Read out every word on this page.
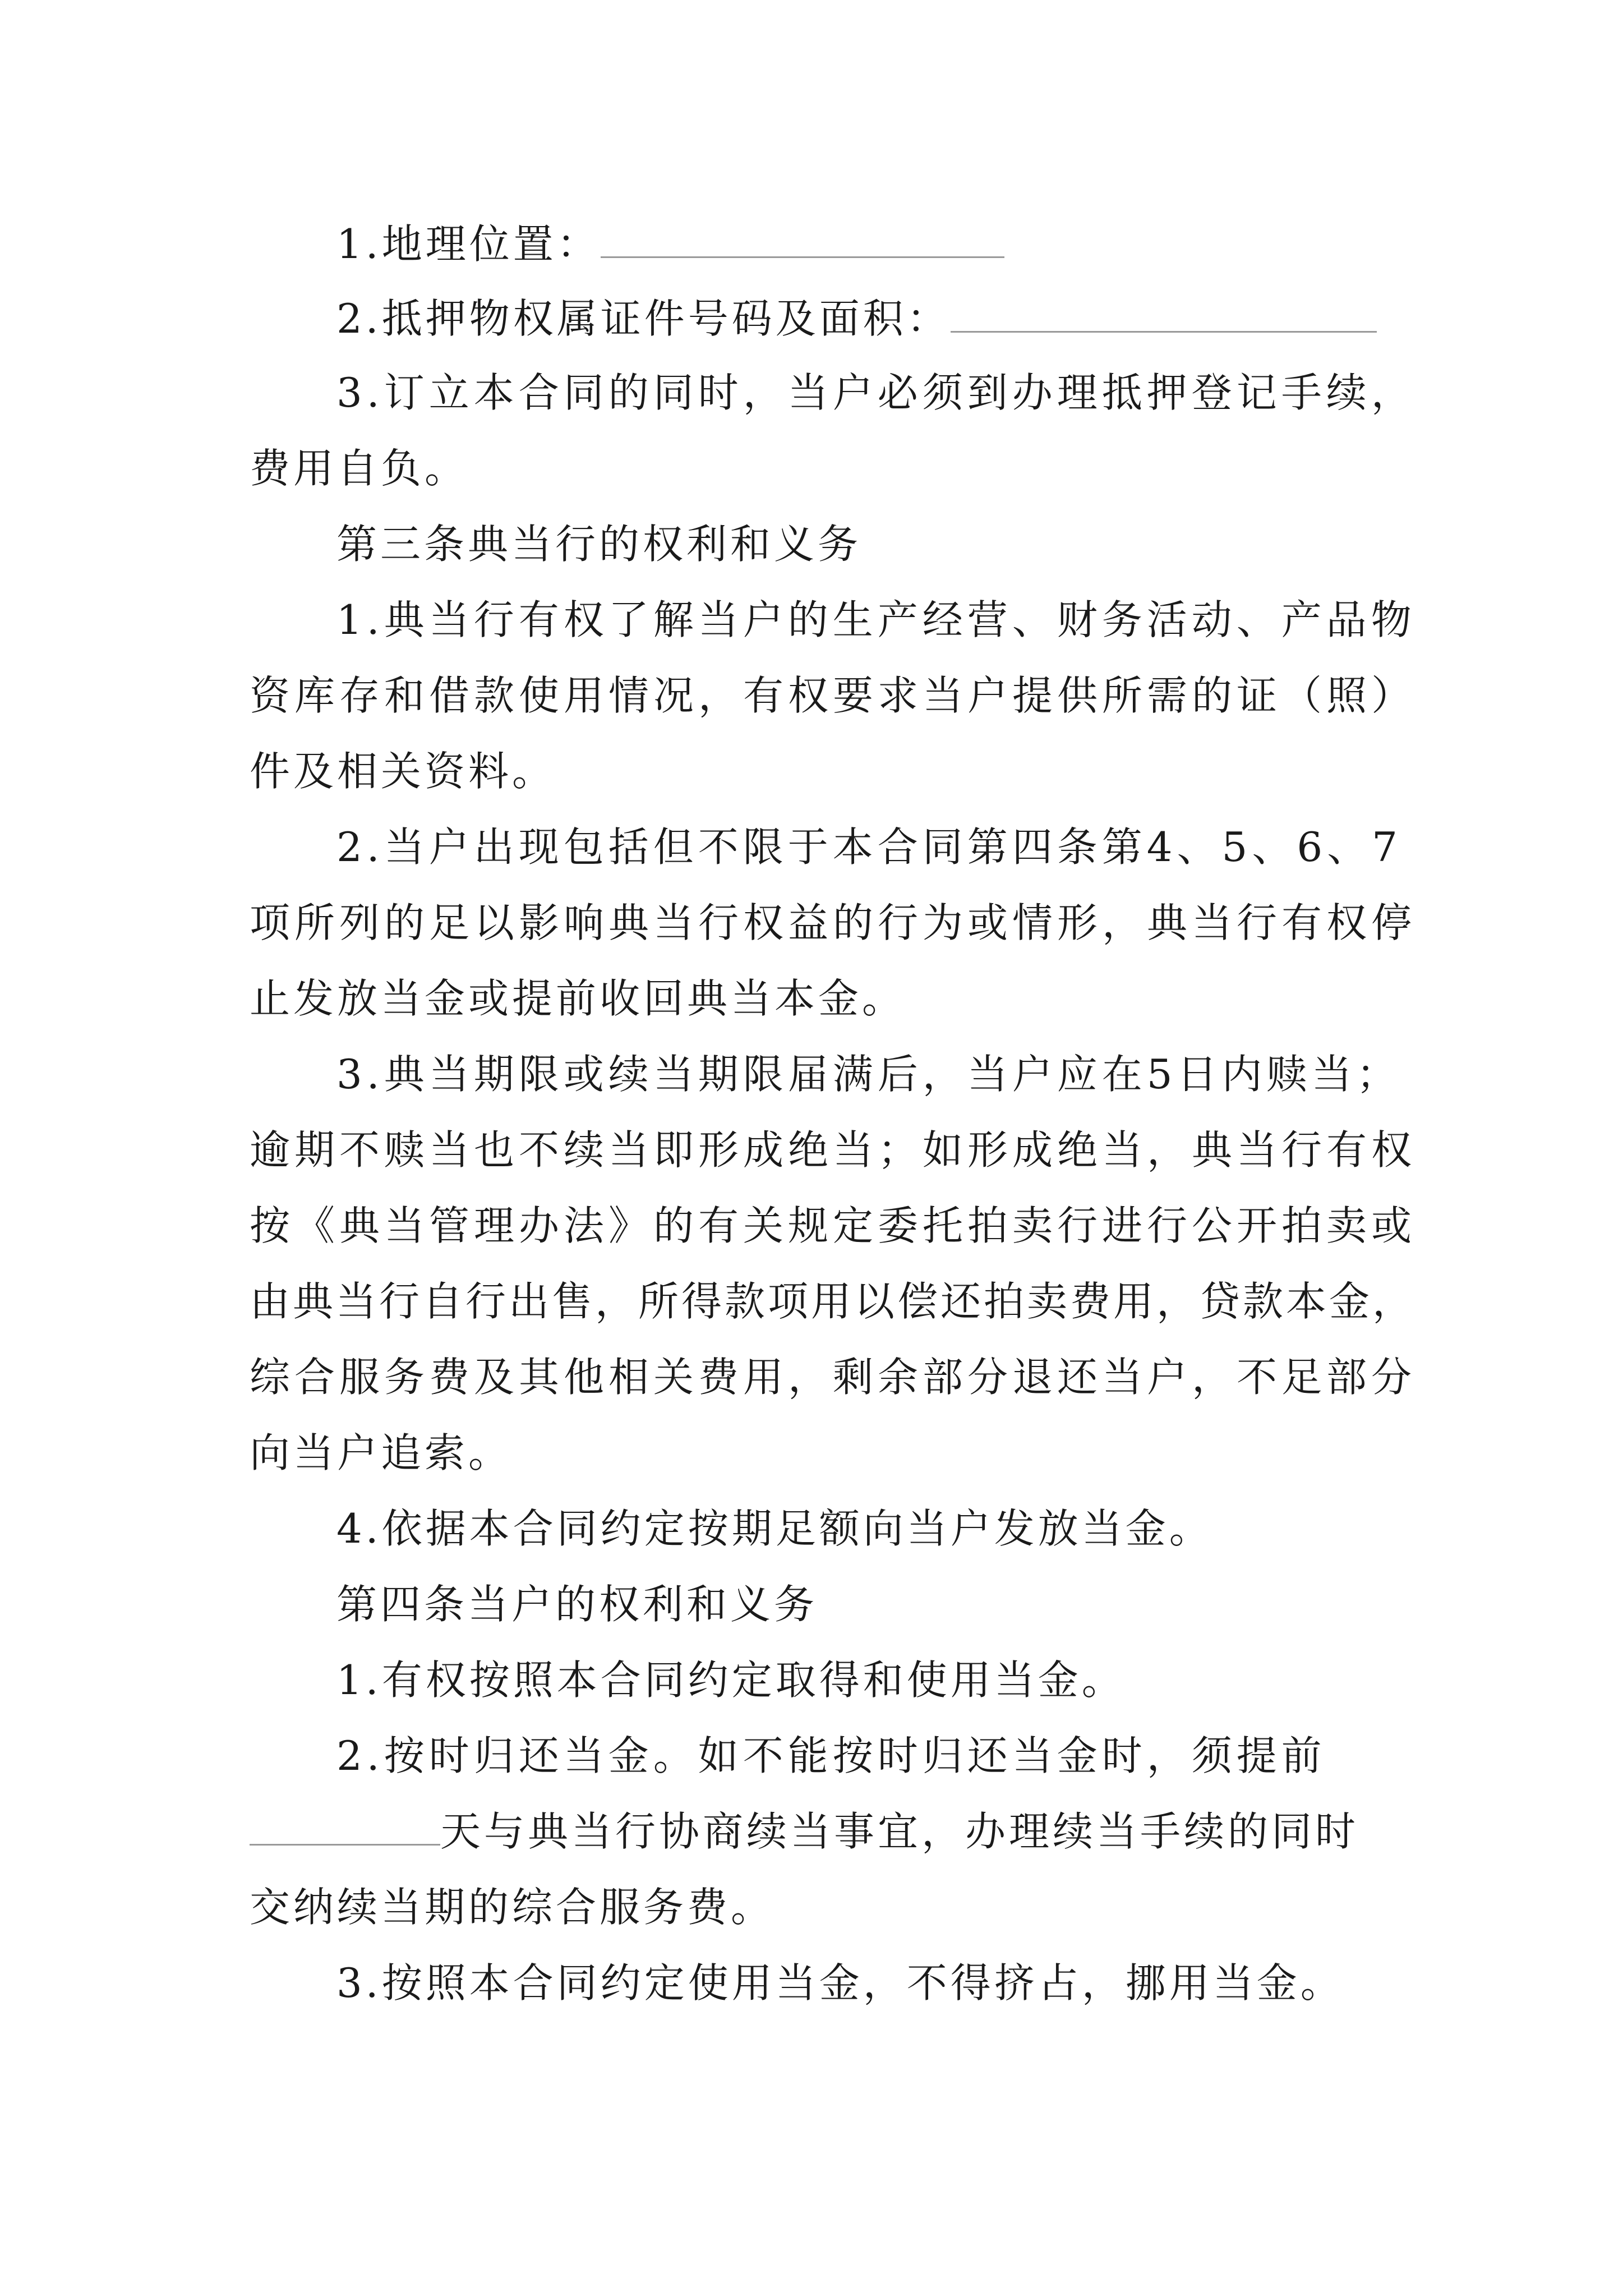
1.地理位置：
2.抵押物权属证件号码及面积：
3.订立本合同的同时，当户必须到办理抵押登记手续，
费用自负。
第三条典当行的权利和义务
1.典当行有权了解当户的生产经营、财务活动、产品物
资库存和借款使用情况，有权要求当户提供所需的证（照）
件及相关资料。
2.当户出现包括但不限于本合同第四条第4、5、6、7
项所列的足以影响典当行权益的行为或情形，典当行有权停
止发放当金或提前收回典当本金。
3.典当期限或续当期限届满后，当户应在5日内赎当；
逾期不赎当也不续当即形成绝当；如形成绝当，典当行有权
按《典当管理办法》的有关规定委托拍卖行进行公开拍卖或
由典当行自行出售，所得款项用以偿还拍卖费用，贷款本金，
综合服务费及其他相关费用，剩余部分退还当户，不足部分
向当户追索。
4.依据本合同约定按期足额向当户发放当金。
第四条当户的权利和义务
1.有权按照本合同约定取得和使用当金。
2.按时归还当金。如不能按时归还当金时，须提前
天与典当行协商续当事宜，办理续当手续的同时
交纳续当期的综合服务费。
3.按照本合同约定使用当金，不得挤占，挪用当金。
